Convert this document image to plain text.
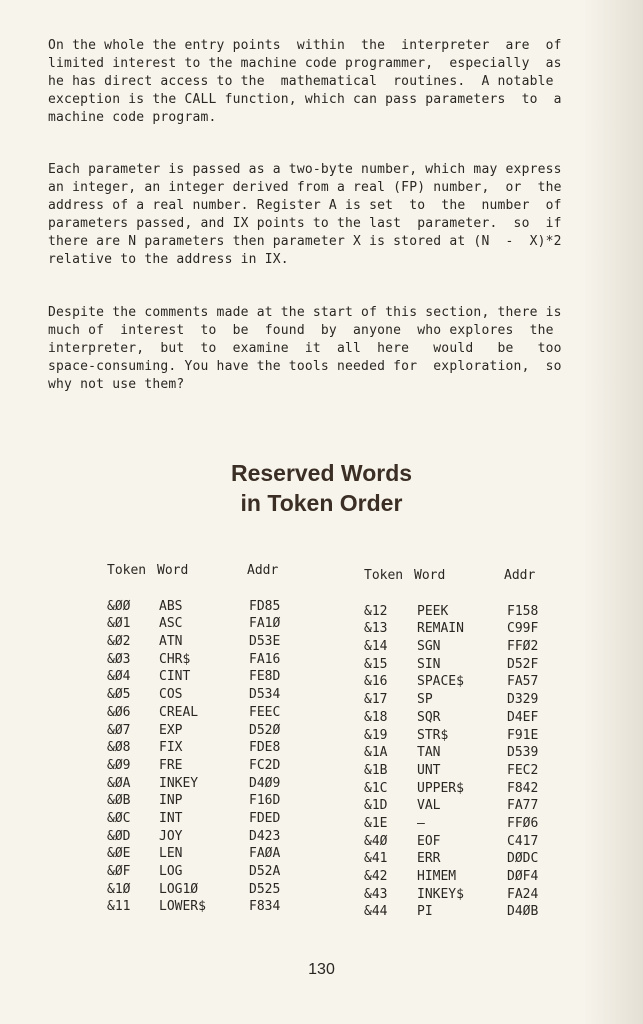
On the whole the entry points  within  the  interpreter  are  of
limited interest to the machine code programmer,  especially  as
he has direct access to the  mathematical  routines.  A notable
exception is the CALL function, which can pass parameters  to  a
machine code program.

Each parameter is passed as a two-byte number, which may express
an integer, an integer derived from a real (FP) number,  or  the
address of a real number. Register A is set  to  the  number  of
parameters passed, and IX points to the last  parameter.  so  if
there are N parameters then parameter X is stored at (N  -  X)*2
relative to the address in IX.

Despite the comments made at the start of this section, there is
much of  interest  to  be  found  by  anyone  who explores  the
interpreter,  but  to  examine  it  all  here   would   be   too
space-consuming. You have the tools needed for  exploration,  so
why not use them?

Reserved Words
in Token Order
Token Word	Addr
&ØØ ABS	FD85
&Ø1 ASC	FA1Ø
&Ø2 ATN	D53E
&Ø3 CHR$	FA16
&Ø4 CINT	FE8D
&Ø5 COS	D534
&Ø6 CREAL	FEEC
&Ø7 EXP	D52Ø
&Ø8 FIX	FDE8
&Ø9 FRE	FC2D
&ØA INKEY	D4Ø9
&ØB INP	F16D
&ØC INT	FDED
&ØD JOY	D423
&ØE LEN	FAØA
&ØF LOG	D52A
&1Ø LOG1Ø	D525
&11 LOWER$	F834
Token Word	Addr
&12 PEEK	F158
&13 REMAIN	C99F
&14 SGN	FFØ2
&15 SIN	D52F
&16 SPACE$	FA57
&17 SP	D329
&18 SQR	D4EF
&19 STR$	F91E
&1A TAN	D539
&1B UNT	FEC2
&1C UPPER$	F842
&1D VAL	FA77
&1E –	FFØ6
&4Ø EOF	C417
&41 ERR	DØDC
&42 HIMEM	DØF4
&43 INKEY$	FA24
&44 PI	D4ØB
130
